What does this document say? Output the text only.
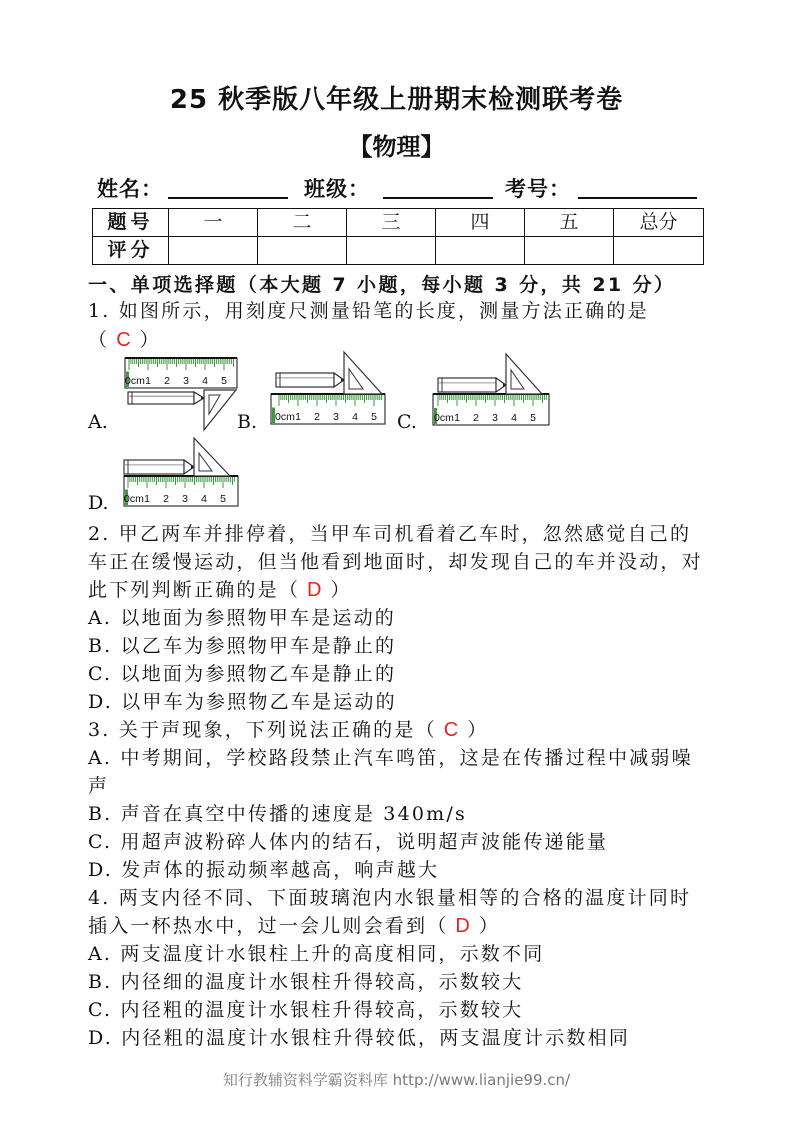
25 秋季版八年级上册期末检测联考卷
【物理】
姓名：	班级：	考号：
题号	一	二	三	四	五	总分
评分						
一、单项选择题（本大题 7 小题，每小题 3 分，共 21 分）
1. 如图所示，用刻度尺测量铅笔的长度，测量方法正确的是
（ C ）
A.
0cm 1 2 3 4 5
B. 0cm 1 2 3 4 5 C. 0cm 1 2 3 4 5
D. 0cm 1 2 3 4 5
2. 甲乙两车并排停着，当甲车司机看着乙车时，忽然感觉自己的
车正在缓慢运动，但当他看到地面时，却发现自己的车并没动，对
此下列判断正确的是（ D ）
A. 以地面为参照物甲车是运动的
B. 以乙车为参照物甲车是静止的
C. 以地面为参照物乙车是静止的
D. 以甲车为参照物乙车是运动的
3. 关于声现象，下列说法正确的是（ C ）
A. 中考期间，学校路段禁止汽车鸣笛，这是在传播过程中减弱噪
声
B. 声音在真空中传播的速度是 340m/s
C. 用超声波粉碎人体内的结石，说明超声波能传递能量
D. 发声体的振动频率越高，响声越大
4. 两支内径不同、下面玻璃泡内水银量相等的合格的温度计同时
插入一杯热水中，过一会儿则会看到（ D ）
A. 两支温度计水银柱上升的高度相同，示数不同
B. 内径细的温度计水银柱升得较高，示数较大
C. 内径粗的温度计水银柱升得较高，示数较大
D. 内径粗的温度计水银柱升得较低，两支温度计示数相同
知行教辅资料学霸资料库 http://www.lianjie99.cn/
